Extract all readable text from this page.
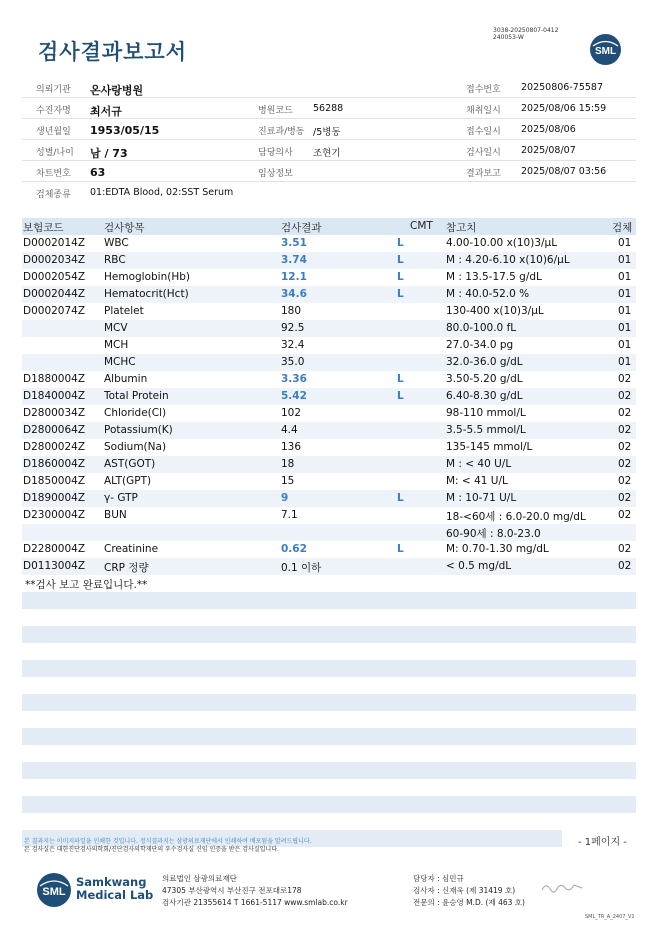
3038-20250807-0412
240053-W
검사결과보고서	SML
의뢰기관 온사랑병원	접수번호 20250806-75587
수진자명 최서규	병원코드 56288	채취일시 2025/08/06 15:59
생년월일 1953/05/15	진료과/병동 /5병동	접수일시 2025/08/06
성별/나이 남 / 73	담당의사 조현기	검사일시 2025/08/07
차트번호 63	임상정보	결과보고 2025/08/07 03:56
검체종류 01:EDTA Blood, 02:SST Serum
보험코드	검사항목	검사결과	CMT 참고치	검체
D0002014Z WBC	3.51	L	4.00-10.00 x(10)3/μL	01
D0002034Z RBC	3.74	L	M : 4.20-6.10 x(10)6/μL	01
D0002054Z Hemoglobin(Hb)	12.1	L	M : 13.5-17.5 g/dL	01
D0002044Z Hematocrit(Hct)	34.6	L	M : 40.0-52.0 %	01
D0002074Z Platelet	180	130-400 x(10)3/μL	01
MCV	92.5	80.0-100.0 fL	01
MCH	32.4	27.0-34.0 pg	01
MCHC	35.0	32.0-36.0 g/dL	01
D1880004Z Albumin	3.36	L	3.50-5.20 g/dL	02
D1840004Z Total Protein	5.42	L	6.40-8.30 g/dL	02
D2800034Z Chloride(Cl)	102	98-110 mmol/L	02
D2800064Z Potassium(K)	4.4	3.5-5.5 mmol/L	02
D2800024Z Sodium(Na)	136	135-145 mmol/L	02
D1860004Z AST(GOT)	18	M : < 40 U/L	02
D1850004Z ALT(GPT)	15	M: < 41 U/L	02
D1890004Z γ- GTP	9	L	M : 10-71 U/L	02
D2300004Z BUN	7.1	18-<60세 : 6.0-20.0 mg/dL	02
60-90세 : 8.0-23.0
D2280004Z Creatinine	0.62	L	M: 0.70-1.30 mg/dL	02
D0113004Z CRP 정량	0.1 이하	< 0.5 mg/dL	02
**검사 보고 완료입니다.**
- 1페이지 -
본 결과지는 이미지파일을 인쇄한 것입니다. 정식결과지는 삼광의료재단에서 인쇄하여 배포됨을 알려드립니다.
본 검사실은 대한진단검사의학회/진단검사의학재단의 우수검사실 신임 인증을 받은 검사실입니다.
SML
Samkwang
Medical Lab
의료법인 삼광의료재단
47305 부산광역시 부산진구 전포대로178
검사기관 21355614 T 1661-5117 www.smlab.co.kr
담당자 : 심민규
검사자 : 신재욱 (제 31419 호)
전문의 : 윤승영 M.D. (제 463 호)
SML_TR_A_2407_V1
